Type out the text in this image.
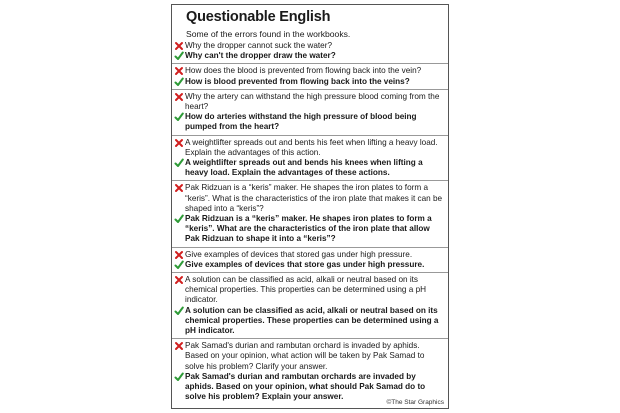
Questionable English
Some of the errors found in the workbooks.
Why the dropper cannot suck the water?
Why can't the dropper draw the water?
How does the blood is prevented from flowing back into the vein?
How is blood prevented from flowing back into the veins?
Why the artery can withstand the high pressure blood coming from the heart?
How do arteries withstand the high pressure of blood being pumped from the heart?
A weightlifter spreads out and bents his feet when lifting a heavy load. Explain the advantages of this action.
A weightlifter spreads out and bends his knees when lifting a heavy load. Explain the advantages of these actions.
Pak Ridzuan is a “keris” maker. He shapes the iron plates to form a “keris”. What is the characteristics of the iron plate that makes it can be shaped into a “keris”?
Pak Ridzuan is a “keris” maker. He shapes iron plates to form a “keris”. What are the characteristics of the iron plate that allow Pak Ridzuan to shape it into a “keris”?
Give examples of devices that stored gas under high pressure.
Give examples of devices that store gas under high pressure.
A solution can be classified as acid, alkali or neutral based on its chemical properties. This properties can be determined using a pH indicator.
A solution can be classified as acid, alkali or neutral based on its chemical properties. These properties can be determined using a pH indicator.
Pak Samad's durian and rambutan orchard is invaded by aphids. Based on your opinion, what action will be taken by Pak Samad to solve his problem? Clarify your answer.
Pak Samad's durian and rambutan orchards are invaded by aphids. Based on your opinion, what should Pak Samad do to solve his problem? Explain your answer.
©The Star Graphics
